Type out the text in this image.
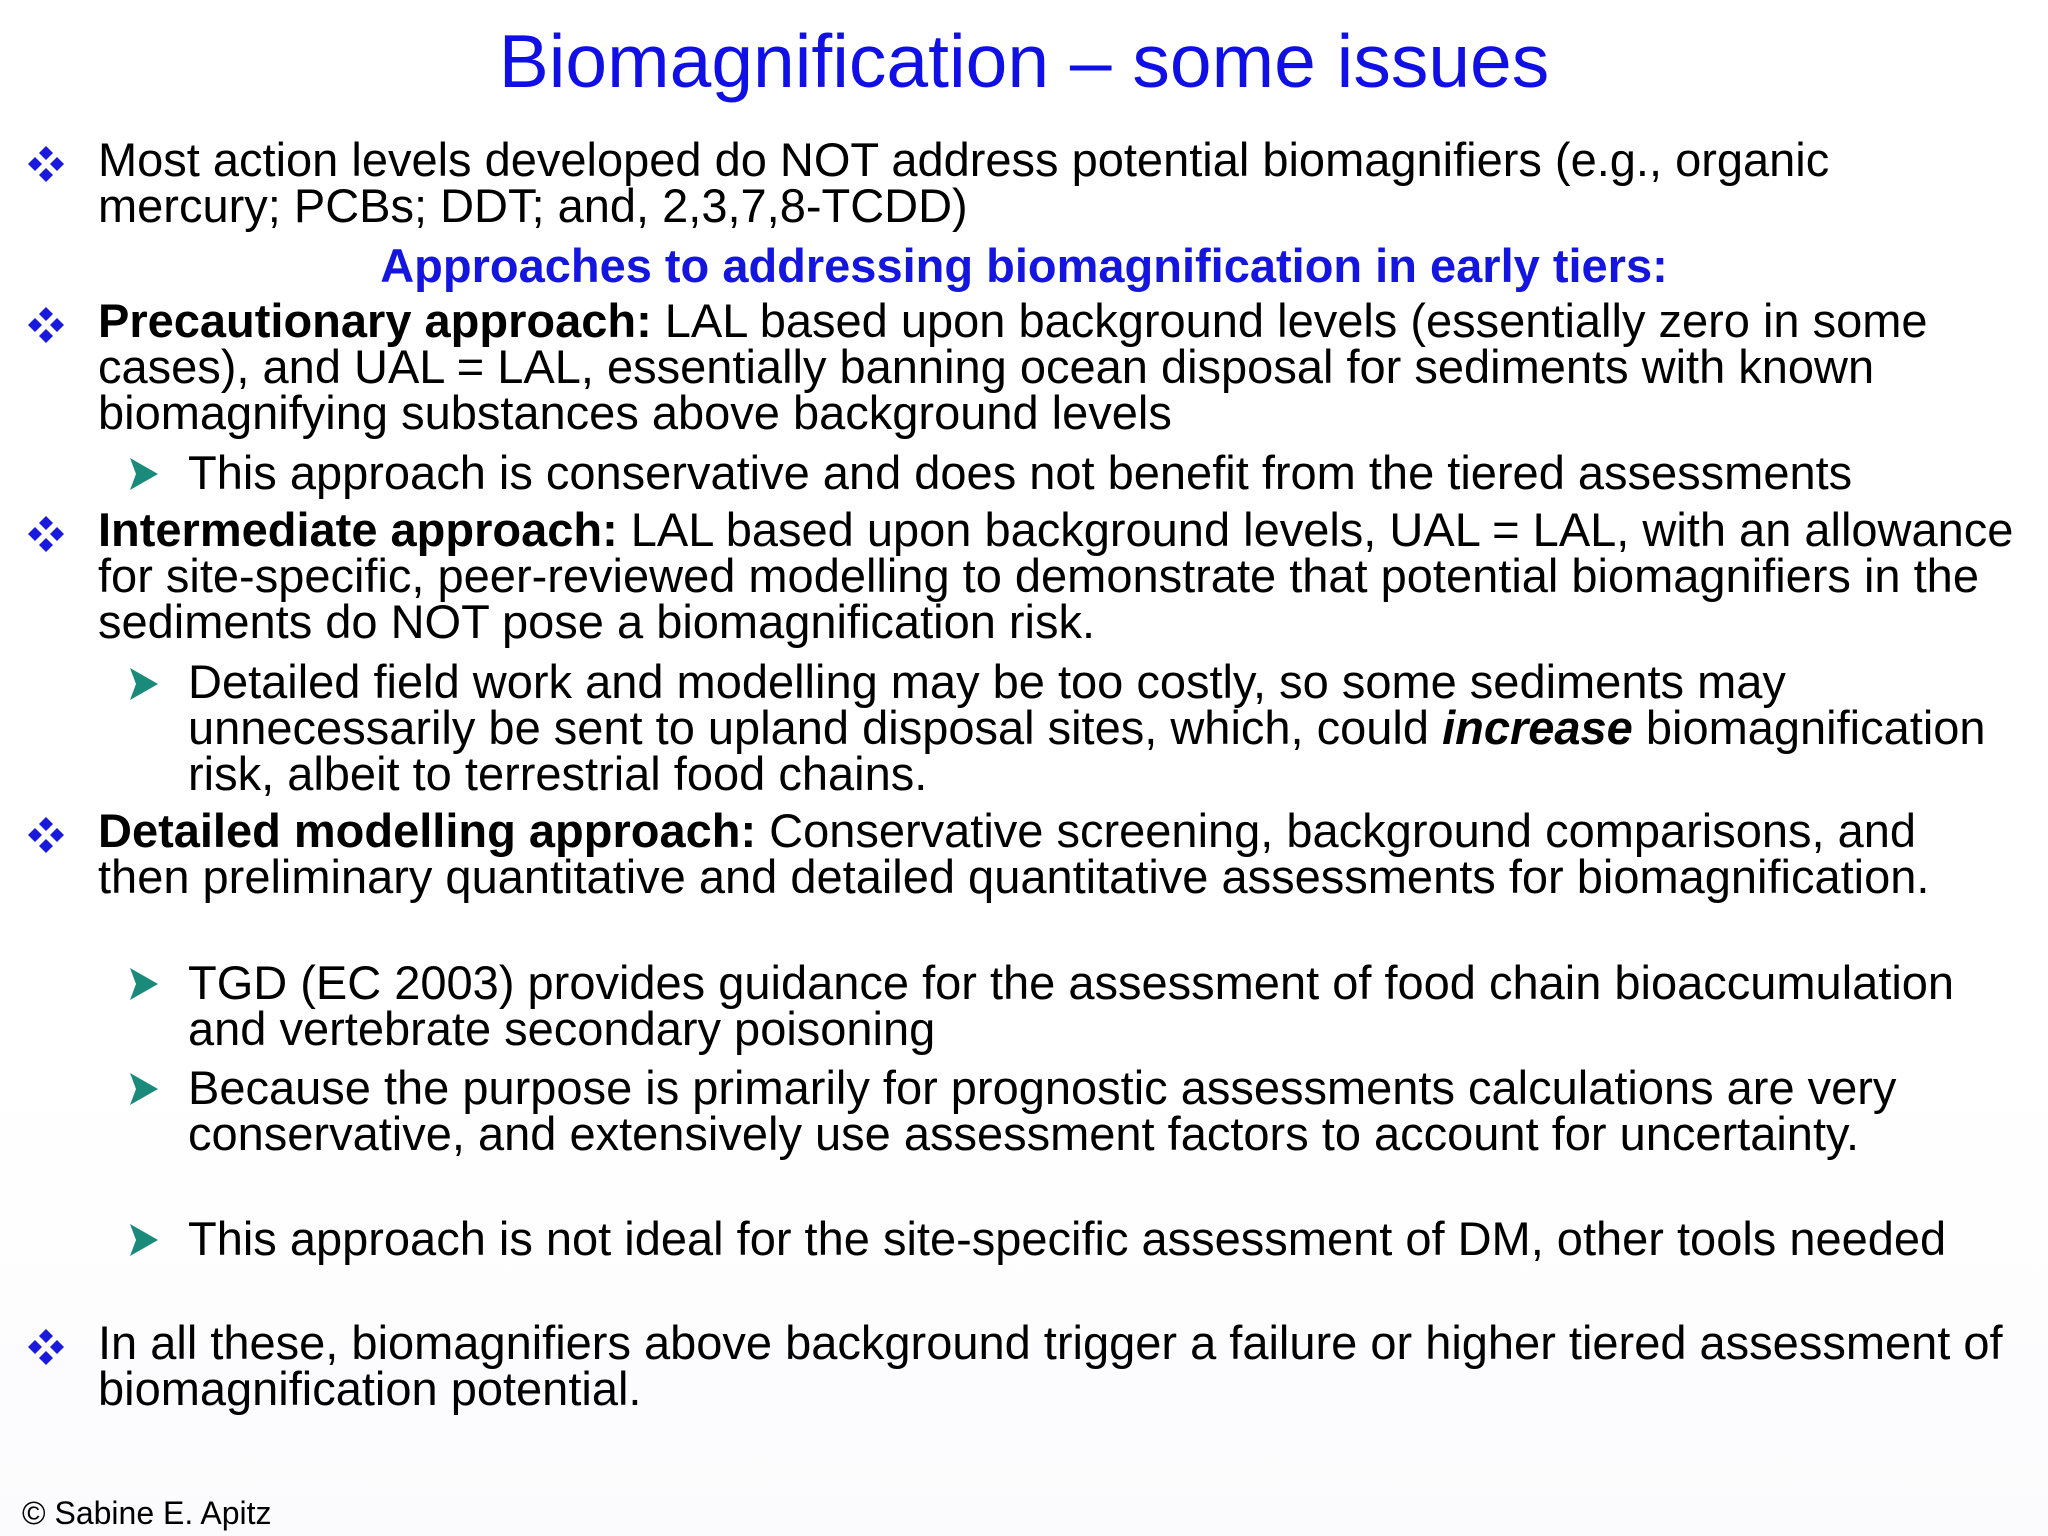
Biomagnification – some issues
Most action levels developed do NOT address potential biomagnifiers (e.g., organic mercury; PCBs; DDT; and, 2,3,7,8-TCDD)
Approaches to addressing biomagnification in early tiers:
Precautionary approach: LAL based upon background levels (essentially zero in some cases), and UAL = LAL, essentially banning ocean disposal for sediments with known biomagnifying substances above background levels
This approach is conservative and does not benefit from the tiered assessments
Intermediate approach: LAL based upon background levels, UAL = LAL, with an allowance for site-specific, peer-reviewed modelling to demonstrate that potential biomagnifiers in the sediments do NOT pose a biomagnification risk.
Detailed field work and modelling may be too costly, so some sediments may unnecessarily be sent to upland disposal sites, which, could increase biomagnification risk, albeit to terrestrial food chains.
Detailed modelling approach: Conservative screening, background comparisons, and then preliminary quantitative and detailed quantitative assessments for biomagnification.
TGD (EC 2003) provides guidance for the assessment of food chain bioaccumulation and vertebrate secondary poisoning
Because the purpose is primarily for prognostic assessments calculations are very conservative, and extensively use assessment factors to account for uncertainty.
This approach is not ideal for the site-specific assessment of DM, other tools needed
In all these, biomagnifiers above background trigger a failure or higher tiered assessment of biomagnification potential.
© Sabine E. Apitz
